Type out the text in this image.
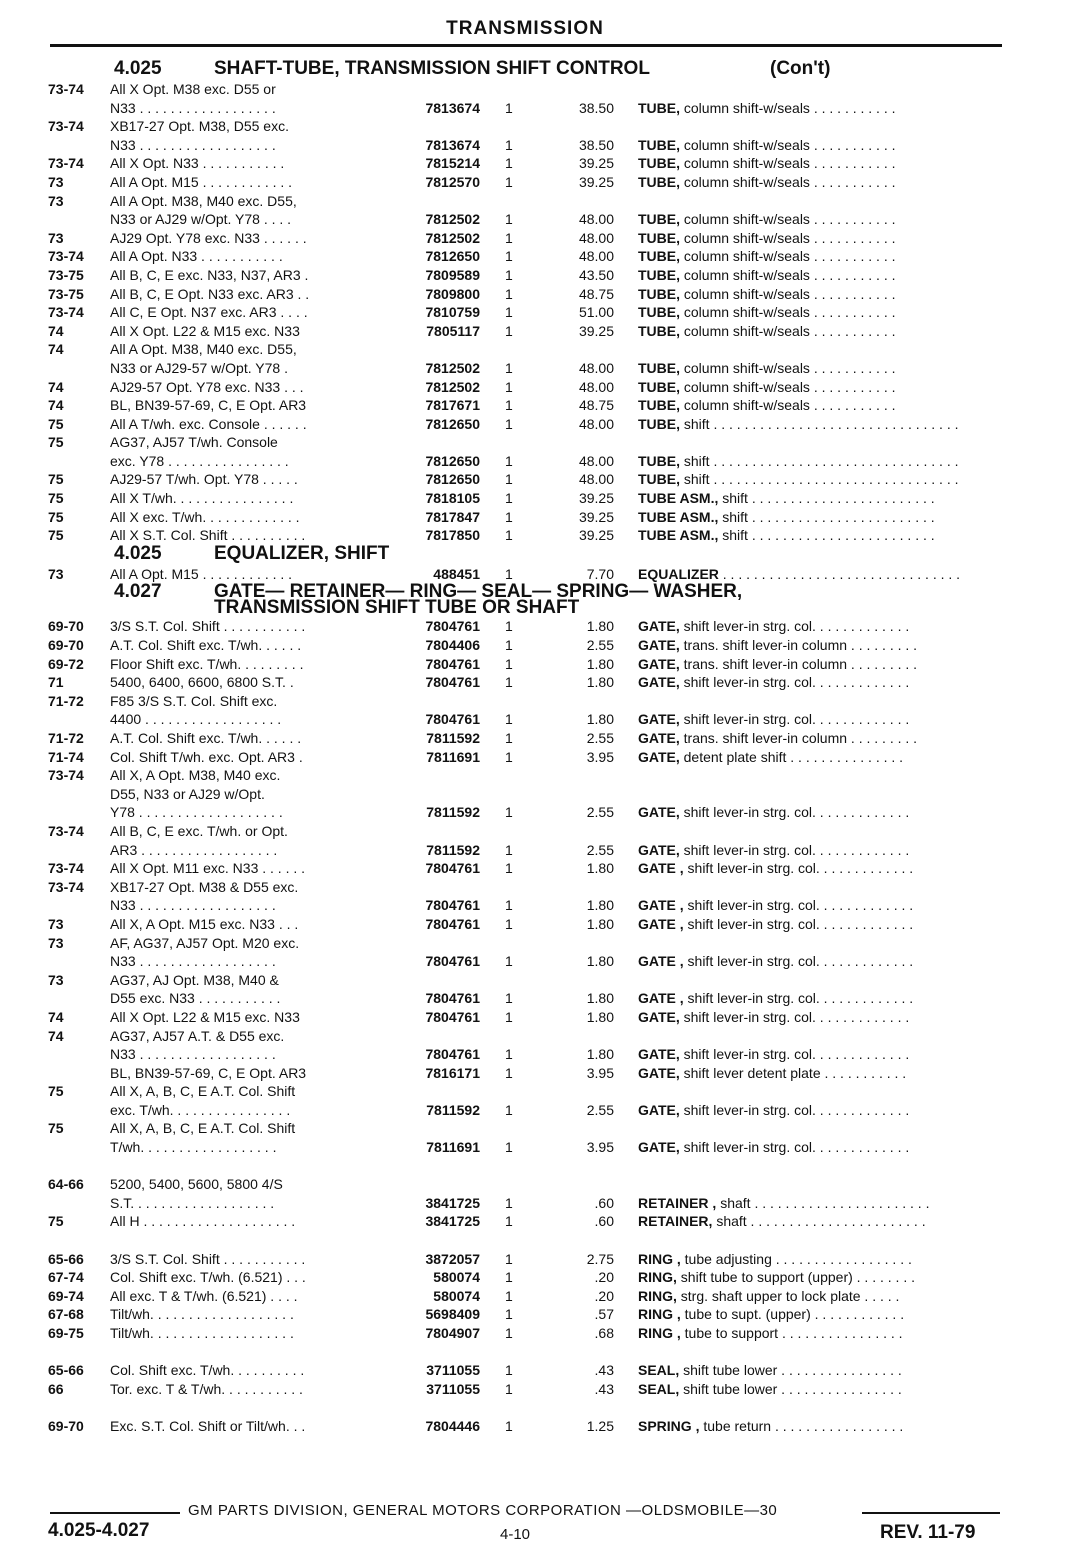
TRANSMISSION
4.025	SHAFT-TUBE, TRANSMISSION SHIFT CONTROL	(Con't)
73-74 All X Opt. M38 exc. D55 or
N33 . . . . . . . . . . . . . . . . . .	7813674 1	38.50 TUBE, column shift-w/seals . . . . . . . . . . .
73-74 XB17-27 Opt. M38, D55 exc.
N33 . . . . . . . . . . . . . . . . . .	7813674 1	38.50 TUBE, column shift-w/seals . . . . . . . . . . .
73-74 All X Opt. N33 . . . . . . . . . . .	7815214 1	39.25 TUBE, column shift-w/seals . . . . . . . . . . .
73	All A Opt. M15 . . . . . . . . . . . .	7812570 1	39.25 TUBE, column shift-w/seals . . . . . . . . . . .
73	All A Opt. M38, M40 exc. D55,
N33 or AJ29 w/Opt. Y78 . . . .	7812502 1	48.00 TUBE, column shift-w/seals . . . . . . . . . . .
73	AJ29 Opt. Y78 exc. N33 . . . . . .	7812502 1	48.00 TUBE, column shift-w/seals . . . . . . . . . . .
73-74 All A Opt. N33 . . . . . . . . . . .	7812650 1	48.00 TUBE, column shift-w/seals . . . . . . . . . . .
73-75 All B, C, E exc. N33, N37, AR3 .	7809589 1	43.50 TUBE, column shift-w/seals . . . . . . . . . . .
73-75 All B, C, E Opt. N33 exc. AR3 . .	7809800 1	48.75 TUBE, column shift-w/seals . . . . . . . . . . .
73-74 All C, E Opt. N37 exc. AR3 . . . .	7810759 1	51.00 TUBE, column shift-w/seals . . . . . . . . . . .
74	All X Opt. L22 & M15 exc. N33	7805117 1	39.25 TUBE, column shift-w/seals . . . . . . . . . . .
74	All A Opt. M38, M40 exc. D55,
N33 or AJ29-57 w/Opt. Y78 .	7812502 1	48.00 TUBE, column shift-w/seals . . . . . . . . . . .
74	AJ29-57 Opt. Y78 exc. N33 . . .	7812502 1	48.00 TUBE, column shift-w/seals . . . . . . . . . . .
74	BL, BN39-57-69, C, E Opt. AR3	7817671 1	48.75 TUBE, column shift-w/seals . . . . . . . . . . .
75	All A T/wh. exc. Console . . . . . .	7812650 1	48.00 TUBE, shift . . . . . . . . . . . . . . . . . . . . . . . . . . . . . . . .
75	AG37, AJ57 T/wh. Console
exc. Y78 . . . . . . . . . . . . . . . .	7812650 1	48.00 TUBE, shift . . . . . . . . . . . . . . . . . . . . . . . . . . . . . . . .
75	AJ29-57 T/wh. Opt. Y78 . . . . .	7812650 1	48.00 TUBE, shift . . . . . . . . . . . . . . . . . . . . . . . . . . . . . . . .
75	All X T/wh. . . . . . . . . . . . . . . .	7818105 1	39.25 TUBE ASM., shift . . . . . . . . . . . . . . . . . . . . . . . .
75	All X exc. T/wh. . . . . . . . . . . . .	7817847 1	39.25 TUBE ASM., shift . . . . . . . . . . . . . . . . . . . . . . . .
75	All X S.T. Col. Shift . . . . . . . . . .	7817850 1	39.25 TUBE ASM., shift . . . . . . . . . . . . . . . . . . . . . . . .
4.025	EQUALIZER, SHIFT
73	All A Opt. M15 . . . . . . . . . . . .	488451 1	7.70 EQUALIZER . . . . . . . . . . . . . . . . . . . . . . . . . . . . . . .
4.027	GATE— RETAINER— RING— SEAL— SPRING— WASHER,
TRANSMISSION SHIFT TUBE OR SHAFT
69-70 3/S S.T. Col. Shift . . . . . . . . . . .	7804761 1	1.80 GATE, shift lever-in strg. col. . . . . . . . . . . . .
69-70 A.T. Col. Shift exc. T/wh. . . . . .	7804406 1	2.55 GATE, trans. shift lever-in column . . . . . . . . .
69-72 Floor Shift exc. T/wh. . . . . . . . .	7804761 1	1.80 GATE, trans. shift lever-in column . . . . . . . . .
71	5400, 6400, 6600, 6800 S.T. .	7804761 1	1.80 GATE, shift lever-in strg. col. . . . . . . . . . . . .
71-72 F85 3/S S.T. Col. Shift exc.
4400 . . . . . . . . . . . . . . . . . .	7804761 1	1.80 GATE, shift lever-in strg. col. . . . . . . . . . . . .
71-72 A.T. Col. Shift exc. T/wh. . . . . .	7811592 1	2.55 GATE, trans. shift lever-in column . . . . . . . . .
71-74 Col. Shift T/wh. exc. Opt. AR3 .	7811691 1	3.95 GATE, detent plate shift . . . . . . . . . . . . . . .
73-74 All X, A Opt. M38, M40 exc.
D55, N33 or AJ29 w/Opt.
Y78 . . . . . . . . . . . . . . . . . . .	7811592 1	2.55 GATE, shift lever-in strg. col. . . . . . . . . . . . .
73-74 All B, C, E exc. T/wh. or Opt.
AR3 . . . . . . . . . . . . . . . . . .	7811592 1	2.55 GATE, shift lever-in strg. col. . . . . . . . . . . . .
73-74 All X Opt. M11 exc. N33 . . . . . .	7804761 1	1.80 GATE , shift lever-in strg. col. . . . . . . . . . . . .
73-74 XB17-27 Opt. M38 & D55 exc.
N33 . . . . . . . . . . . . . . . . . .	7804761 1	1.80 GATE , shift lever-in strg. col. . . . . . . . . . . . .
73	All X, A Opt. M15 exc. N33 . . .	7804761 1	1.80 GATE , shift lever-in strg. col. . . . . . . . . . . . .
73	AF, AG37, AJ57 Opt. M20 exc.
N33 . . . . . . . . . . . . . . . . . .	7804761 1	1.80 GATE , shift lever-in strg. col. . . . . . . . . . . . .
73	AG37, AJ Opt. M38, M40 &
D55 exc. N33 . . . . . . . . . . .	7804761 1	1.80 GATE , shift lever-in strg. col. . . . . . . . . . . . .
74	All X Opt. L22 & M15 exc. N33	7804761 1	1.80 GATE, shift lever-in strg. col. . . . . . . . . . . . .
74	AG37, AJ57 A.T. & D55 exc.
N33 . . . . . . . . . . . . . . . . . .	7804761 1	1.80 GATE, shift lever-in strg. col. . . . . . . . . . . . .
BL, BN39-57-69, C, E Opt. AR3	7816171 1	3.95 GATE, shift lever detent plate . . . . . . . . . . .
75	All X, A, B, C, E A.T. Col. Shift
exc. T/wh. . . . . . . . . . . . . . . .	7811592 1	2.55 GATE, shift lever-in strg. col. . . . . . . . . . . . .
75	All X, A, B, C, E A.T. Col. Shift
T/wh. . . . . . . . . . . . . . . . . .	7811691 1	3.95 GATE, shift lever-in strg. col. . . . . . . . . . . . .
64-66 5200, 5400, 5600, 5800 4/S
S.T. . . . . . . . . . . . . . . . . . .	3841725 1	.60 RETAINER , shaft . . . . . . . . . . . . . . . . . . . . . . .
75	All H . . . . . . . . . . . . . . . . . . . .	3841725 1	.60 RETAINER, shaft . . . . . . . . . . . . . . . . . . . . . . .
65-66 3/S S.T. Col. Shift . . . . . . . . . . .	3872057 1	2.75 RING , tube adjusting . . . . . . . . . . . . . . . . . .
67-74 Col. Shift exc. T/wh. (6.521) . . .	580074 1	.20 RING, shift tube to support (upper) . . . . . . . .
69-74 All exc. T & T/wh. (6.521) . . . .	580074 1	.20 RING, strg. shaft upper to lock plate . . . . .
67-68 Tilt/wh. . . . . . . . . . . . . . . . . . .	5698409 1	.57 RING , tube to supt. (upper) . . . . . . . . . . . .
69-75 Tilt/wh. . . . . . . . . . . . . . . . . . .	7804907 1	.68 RING , tube to support . . . . . . . . . . . . . . . .
65-66 Col. Shift exc. T/wh. . . . . . . . . .	3711055 1	.43 SEAL, shift tube lower . . . . . . . . . . . . . . . .
66	Tor. exc. T & T/wh. . . . . . . . . . .	3711055 1	.43 SEAL, shift tube lower . . . . . . . . . . . . . . . .
69-70 Exc. S.T. Col. Shift or Tilt/wh. . .	7804446 1	1.25 SPRING , tube return . . . . . . . . . . . . . . . . .
GM PARTS DIVISION, GENERAL MOTORS CORPORATION —OLDSMOBILE—30
4.025-4.027	4-10	REV. 11-79
